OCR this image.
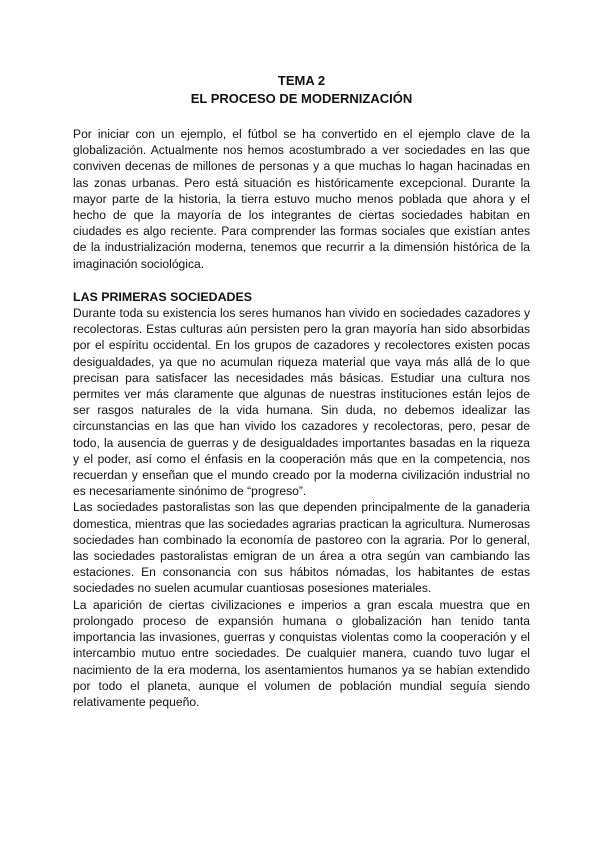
TEMA 2

EL PROCESO DE MODERNIZACIÓN

Por iniciar con un ejemplo, el fútbol se ha convertido en el ejemplo clave de la globalización. Actualmente nos hemos acostumbrado a ver sociedades en las que conviven decenas de millones de personas y a que muchas lo hagan hacinadas en las zonas urbanas. Pero está situación es históricamente excepcional. Durante la mayor parte de la historia, la tierra estuvo mucho menos poblada que ahora y el hecho de que la mayoría de los integrantes de ciertas sociedades habitan en ciudades es algo reciente. Para comprender las formas sociales que existían antes de la industrialización moderna, tenemos que recurrir a la dimensión histórica de la imaginación sociológica.

LAS PRIMERAS SOCIEDADES

Durante toda su existencia los seres humanos han vivido en sociedades cazadores y recolectoras. Estas culturas aún persisten pero la gran mayoría han sido absorbidas por el espíritu occidental. En los grupos de cazadores y recolectores existen pocas desigualdades, ya que no acumulan riqueza material que vaya más allá de lo que precisan para satisfacer las necesidades más básicas. Estudiar una cultura nos permites ver más claramente que algunas de nuestras instituciones están lejos de ser rasgos naturales de la vida humana. Sin duda, no debemos idealizar las circunstancias en las que han vivido los cazadores y recolectoras, pero, pesar de todo, la ausencia de guerras y de desigualdades importantes basadas en la riqueza y el poder, así como el énfasis en la cooperación más que en la competencia, nos recuerdan y enseñan que el mundo creado por la moderna civilización industrial no es necesariamente sinónimo de “progreso”.

Las sociedades pastoralistas son las que dependen principalmente de la ganaderia domestica, mientras que las sociedades agrarias practican la agricultura. Numerosas sociedades han combinado la economía de pastoreo con la agraria. Por lo general, las sociedades pastoralistas emigran de un área a otra según van cambiando las estaciones. En consonancia con sus hábitos nómadas, los habitantes de estas sociedades no suelen acumular cuantiosas posesiones materiales.

La aparición de ciertas civilizaciones e imperios a gran escala muestra que en prolongado proceso de expansión humana o globalización han tenido tanta importancia las invasiones, guerras y conquistas violentas como la cooperación y el intercambio mutuo entre sociedades. De cualquier manera, cuando tuvo lugar el nacimiento de la era moderna, los asentamientos humanos ya se habían extendido por todo el planeta, aunque el volumen de población mundial seguía siendo relativamente pequeño.
